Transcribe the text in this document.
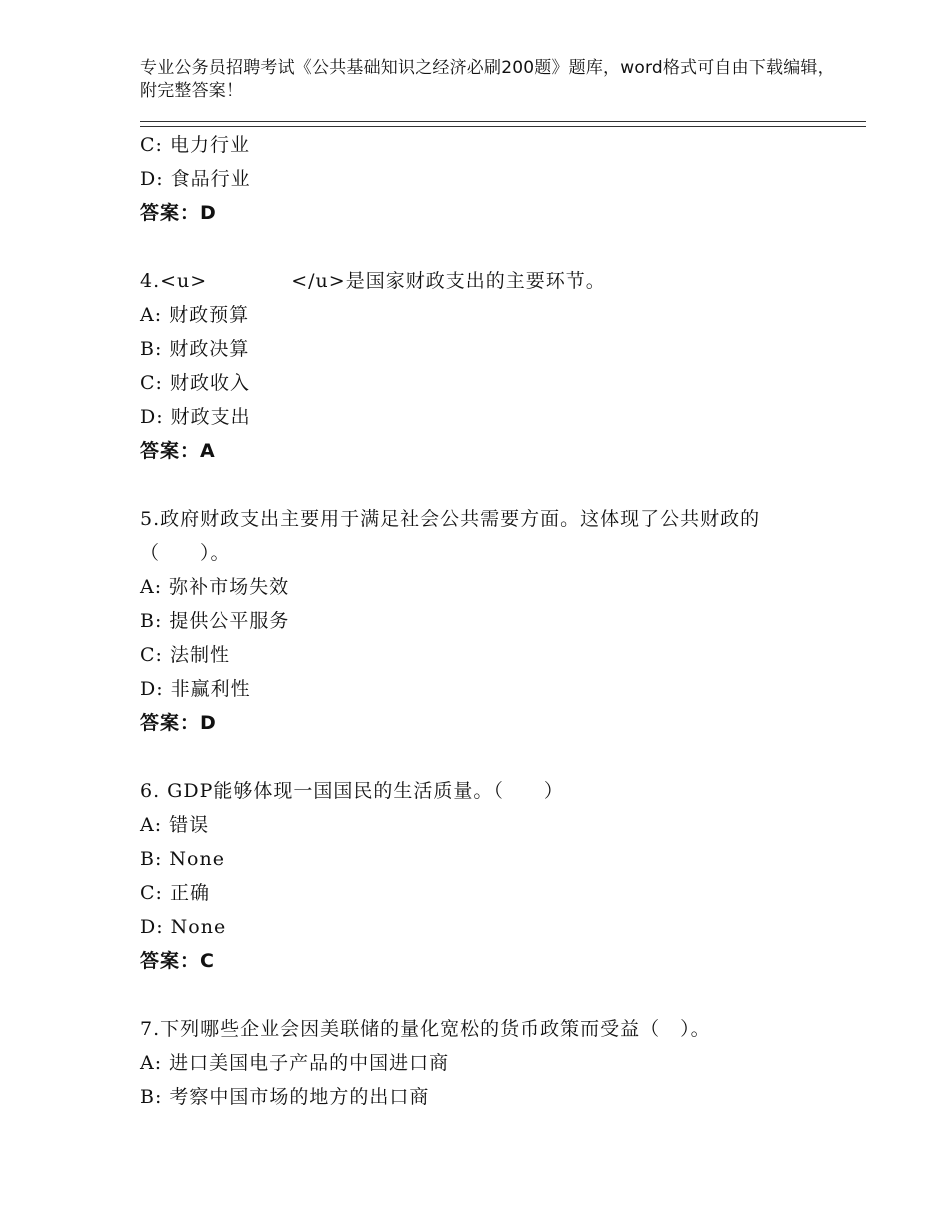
专业公务员招聘考试《公共基础知识之经济必刷200题》题库，word格式可自由下载编辑，附完整答案！
C: 电力行业
D: 食品行业
答案：D
4.<u>	</u>是国家财政支出的主要环节。
A: 财政预算
B: 财政决算
C: 财政收入
D: 财政支出
答案：A
5.政府财政支出主要用于满足社会公共需要方面。这体现了公共财政的（　　）。
A: 弥补市场失效
B: 提供公平服务
C: 法制性
D: 非赢利性
答案：D
6. GDP能够体现一国国民的生活质量。（　　）
A: 错误
B: None
C: 正确
D: None
答案：C
7.下列哪些企业会因美联储的量化宽松的货币政策而受益（　）。
A: 进口美国电子产品的中国进口商
B: 考察中国市场的地方的出口商
